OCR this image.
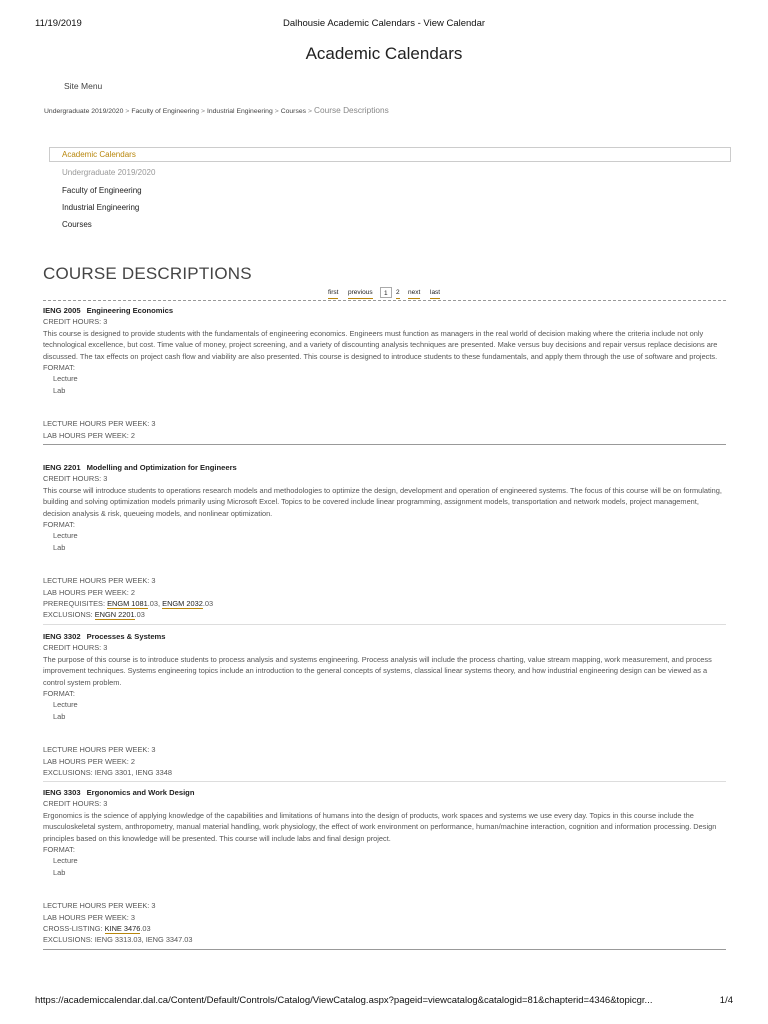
11/19/2019	Dalhousie Academic Calendars - View Calendar
Academic Calendars
Site Menu
Undergraduate 2019/2020 > Faculty of Engineering > Industrial Engineering > Courses > Course Descriptions
Academic Calendars
Undergraduate 2019/2020
Faculty of Engineering
Industrial Engineering
Courses
COURSE DESCRIPTIONS
first previous	1	2 next last
IENG 2005 Engineering Economics
CREDIT HOURS: 3
This course is designed to provide students with the fundamentals of engineering economics. Engineers must function as managers in the real world of decision making where the criteria include not only technological excellence, but cost. Time value of money, project screening, and a variety of discounting analysis techniques are presented. Make versus buy decisions and repair versus replace decisions are discussed. The tax effects on project cash flow and viability are also presented. This course is designed to introduce students to these fundamentals, and apply them through the use of software and projects.
FORMAT:
Lecture
Lab
LECTURE HOURS PER WEEK: 3
LAB HOURS PER WEEK: 2
IENG 2201 Modelling and Optimization for Engineers
CREDIT HOURS: 3
This course will introduce students to operations research models and methodologies to optimize the design, development and operation of engineered systems. The focus of this course will be on formulating, building and solving optimization models primarily using Microsoft Excel. Topics to be covered include linear programming, assignment models, transportation and network models, project management, decision analysis & risk, queueing models, and nonlinear optimization.
FORMAT:
Lecture
Lab
LECTURE HOURS PER WEEK: 3
LAB HOURS PER WEEK: 2
PREREQUISITES: ENGM 1081.03, ENGM 2032.03
EXCLUSIONS: ENGN 2201.03
IENG 3302 Processes & Systems
CREDIT HOURS: 3
The purpose of this course is to introduce students to process analysis and systems engineering. Process analysis will include the process charting, value stream mapping, work measurement, and process improvement techniques. Systems engineering topics include an introduction to the general concepts of systems, classical linear systems theory, and how industrial engineering design can be viewed as a control system problem.
FORMAT:
Lecture
Lab
LECTURE HOURS PER WEEK: 3
LAB HOURS PER WEEK: 2
EXCLUSIONS: IENG 3301, IENG 3348
IENG 3303 Ergonomics and Work Design
CREDIT HOURS: 3
Ergonomics is the science of applying knowledge of the capabilities and limitations of humans into the design of products, work spaces and systems we use every day. Topics in this course include the musculoskeletal system, anthropometry, manual material handling, work physiology, the effect of work environment on performance, human/machine interaction, cognition and information processing. Design principles based on this knowledge will be presented. This course will include labs and final design project.
FORMAT:
Lecture
Lab
LECTURE HOURS PER WEEK: 3
LAB HOURS PER WEEK: 3
CROSS-LISTING: KINE 3476.03
EXCLUSIONS: IENG 3313.03, IENG 3347.03
https://academiccalendar.dal.ca/Content/Default/Controls/Catalog/ViewCatalog.aspx?pageid=viewcatalog&catalogid=81&chapterid=4346&topicgr...	1/4
